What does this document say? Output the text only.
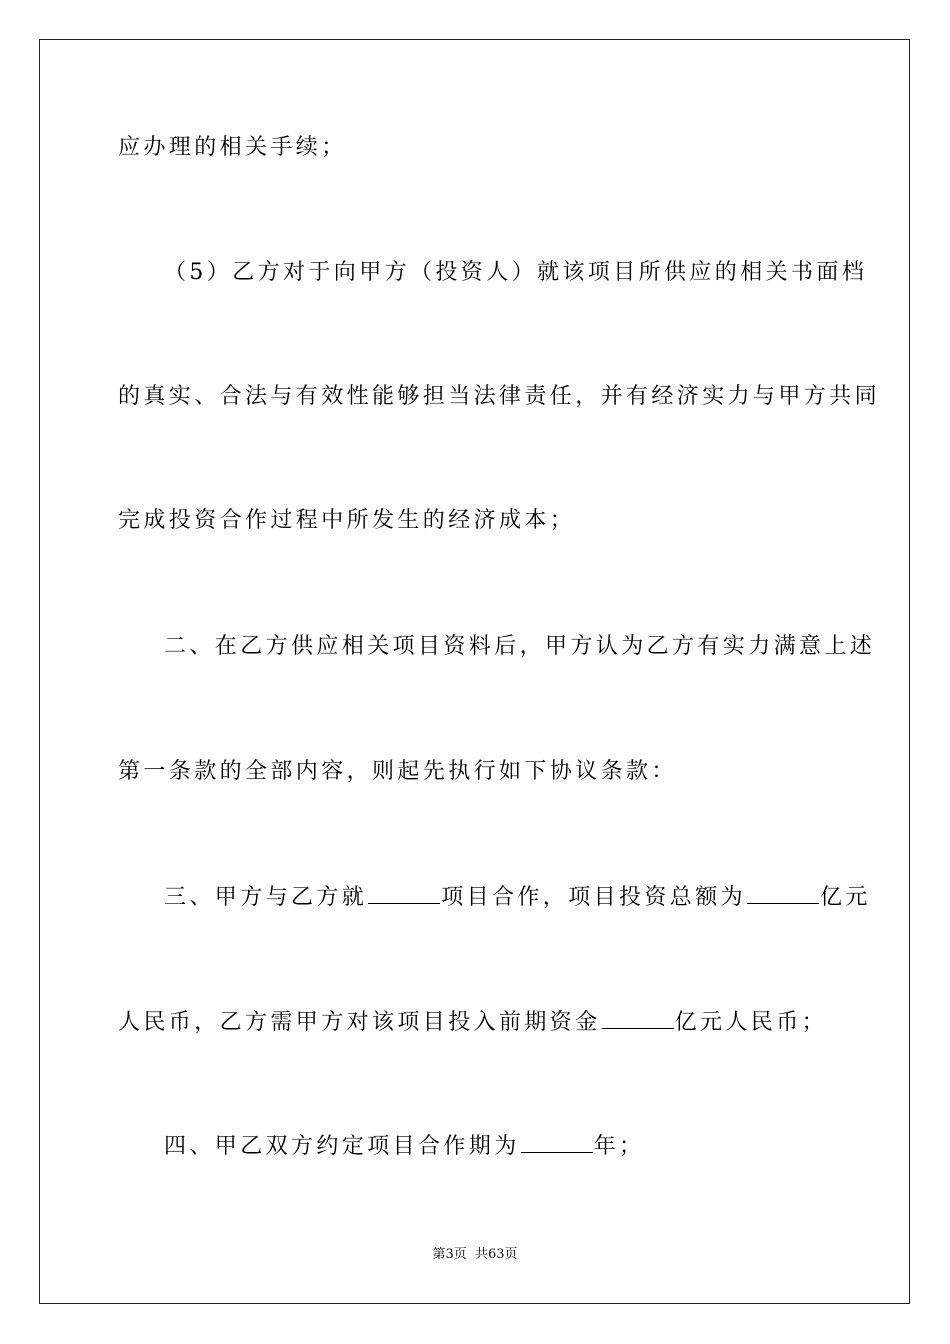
应办理的相关手续；
（5）乙方对于向甲方（投资人）就该项目所供应的相关书面档
的真实、合法与有效性能够担当法律责任，并有经济实力与甲方共同
完成投资合作过程中所发生的经济成本；
二、在乙方供应相关项目资料后，甲方认为乙方有实力满意上述
第一条款的全部内容，则起先执行如下协议条款：
三、甲方与乙方就	项目合作，项目投资总额为	亿元
人民币，乙方需甲方对该项目投入前期资金	亿元人民币；
四、甲乙双方约定项目合作期为	年；
第3页 共63页
